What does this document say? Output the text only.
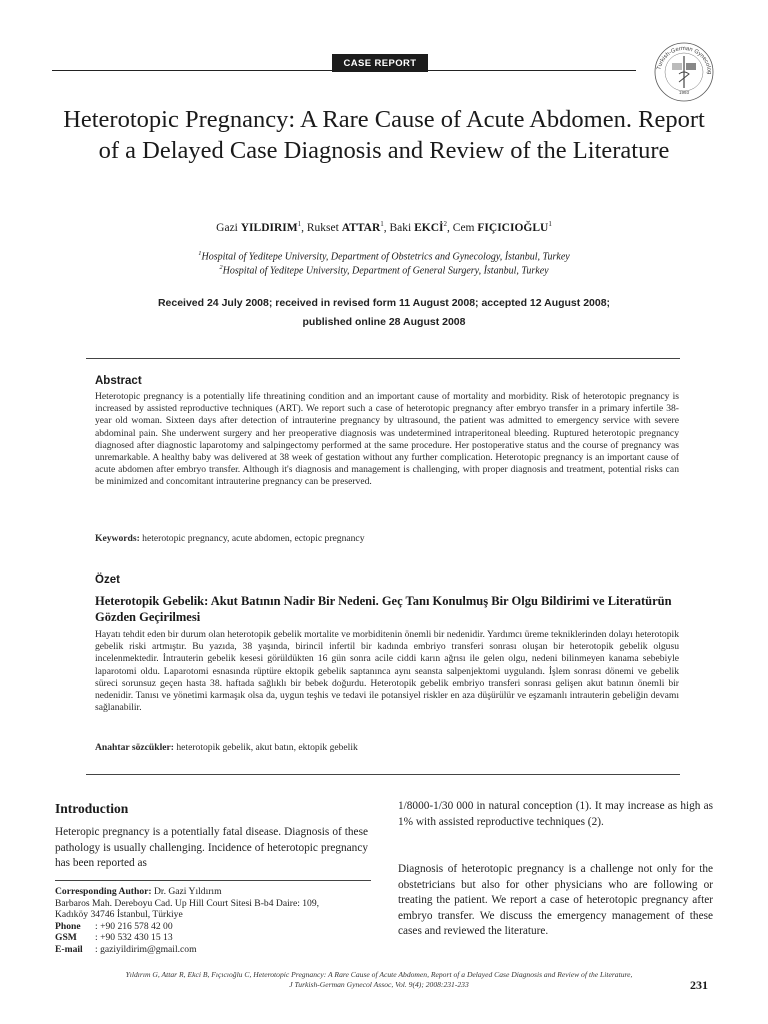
CASE REPORT	Turkish-German Gynecolog
1993
Heterotopic Pregnancy: A Rare Cause of Acute Abdomen. Report of a Delayed Case Diagnosis and Review of the Literature
Gazi YILDIRIM$^1$, Rukset ATTAR$^1$, Baki EKCİ$^2$, Cem FIÇICIOĞLU$^1$
$^1$Hospital of Yeditepe University, Department of Obstetrics and Gynecology, İstanbul, Turkey
$^2$Hospital of Yeditepe University, Department of General Surgery, İstanbul, Turkey
Received 24 July 2008; received in revised form 11 August 2008; accepted 12 August 2008;
published online 28 August 2008
Abstract
Heterotopic pregnancy is a potentially life threatining condition and an important cause of mortality and morbidity. Risk of heterotopic pregnancy is increased by assisted reproductive techniques (ART). We report such a case of heterotopic pregnancy after embryo transfer in a primary infertile 38-year old woman. Sixteen days after detection of intrauterine pregnancy by ultrasound, the patient was admitted to emergency service with severe abdominal pain. She underwent surgery and her preoperative diagnosis was undetermined intraperitoneal bleeding. Ruptured heterotopic pregnancy diagnosed after diagnostic laparotomy and salpingectomy performed at the same procedure. Her postoperative status and the course of pregnancy was unremarkable. A healthy baby was delivered at 38 week of gestation without any further complication. Heterotopic pregnancy is an important cause of acute abdomen after embryo transfer. Although it's diagnosis and management is challenging, with proper diagnosis and treatment, potential risks can be minimized and concomitant intrauterine pregnancy can be preserved.
Keywords: heterotopic pregnancy, acute abdomen, ectopic pregnancy
Özet
Heterotopik Gebelik: Akut Batının Nadir Bir Nedeni. Geç Tanı Konulmuş Bir Olgu Bildirimi ve Literatürün Gözden Geçirilmesi
Hayatı tehdit eden bir durum olan heterotopik gebelik mortalite ve morbiditenin önemli bir nedenidir. Yardımcı üreme tekniklerinden dolayı heterotopik gebelik riski artmıştır. Bu yazıda, 38 yaşında, birincil infertil bir kadında embriyo transferi sonrası oluşan bir heterotopik gebelik olgusu incelenmektedir. İntrauterin gebelik kesesi görüldükten 16 gün sonra acile ciddi karın ağrısı ile gelen olgu, nedeni bilinmeyen kanama sebebiyle laparotomi oldu. Laparotomi esnasında rüptüre ektopik gebelik saptanınca aynı seansta salpenjektomi uygulandı. İşlem sonrası dönemi ve gebelik süreci sorunsuz geçen hasta 38. haftada sağlıklı bir bebek doğurdu. Heterotopik gebelik embriyo transferi sonrası gelişen akut batının önemli bir nedenidir. Tanısı ve yönetimi karmaşık olsa da, uygun teşhis ve tedavi ile potansiyel riskler en aza düşürülür ve eşzamanlı intrauterin gebeliğin devamı sağlanabilir.
Anahtar sözcükler: heterotopik gebelik, akut batın, ektopik gebelik
Introduction
Heteropic pregnancy is a potentially fatal disease. Diagnosis of these pathology is usually challenging. Incidence of heterotopic pregnancy has been reported as
Corresponding Author: Dr. Gazi Yıldırım
Barbaros Mah. Dereboyu Cad. Up Hill Court Sitesi B-b4 Daire: 109,
Kadıköy 34746 İstanbul, Türkiye
Phone : +90 216 578 42 00
GSM : +90 532 430 15 13
E-mail : gaziyildirim@gmail.com
1/8000-1/30 000 in natural conception (1). It may increase as high as 1% with assisted reproductive techniques (2).
Diagnosis of heterotopic pregnancy is a challenge not only for the obstetricians but also for other physicians who are following or treating the patient. We report a case of heterotopic pregnancy after embryo transfer. We discuss the emergency management of these cases and reviewed the literature.
Yıldırım G, Attar R, Ekci B, Fıçıcıoğlu C, Heterotopic Pregnancy: A Rare Cause of Acute Abdomen, Report of a Delayed Case Diagnosis and Review of the Literature,
J Turkish-German Gynecol Assoc, Vol. 9(4); 2008:231-233	231
